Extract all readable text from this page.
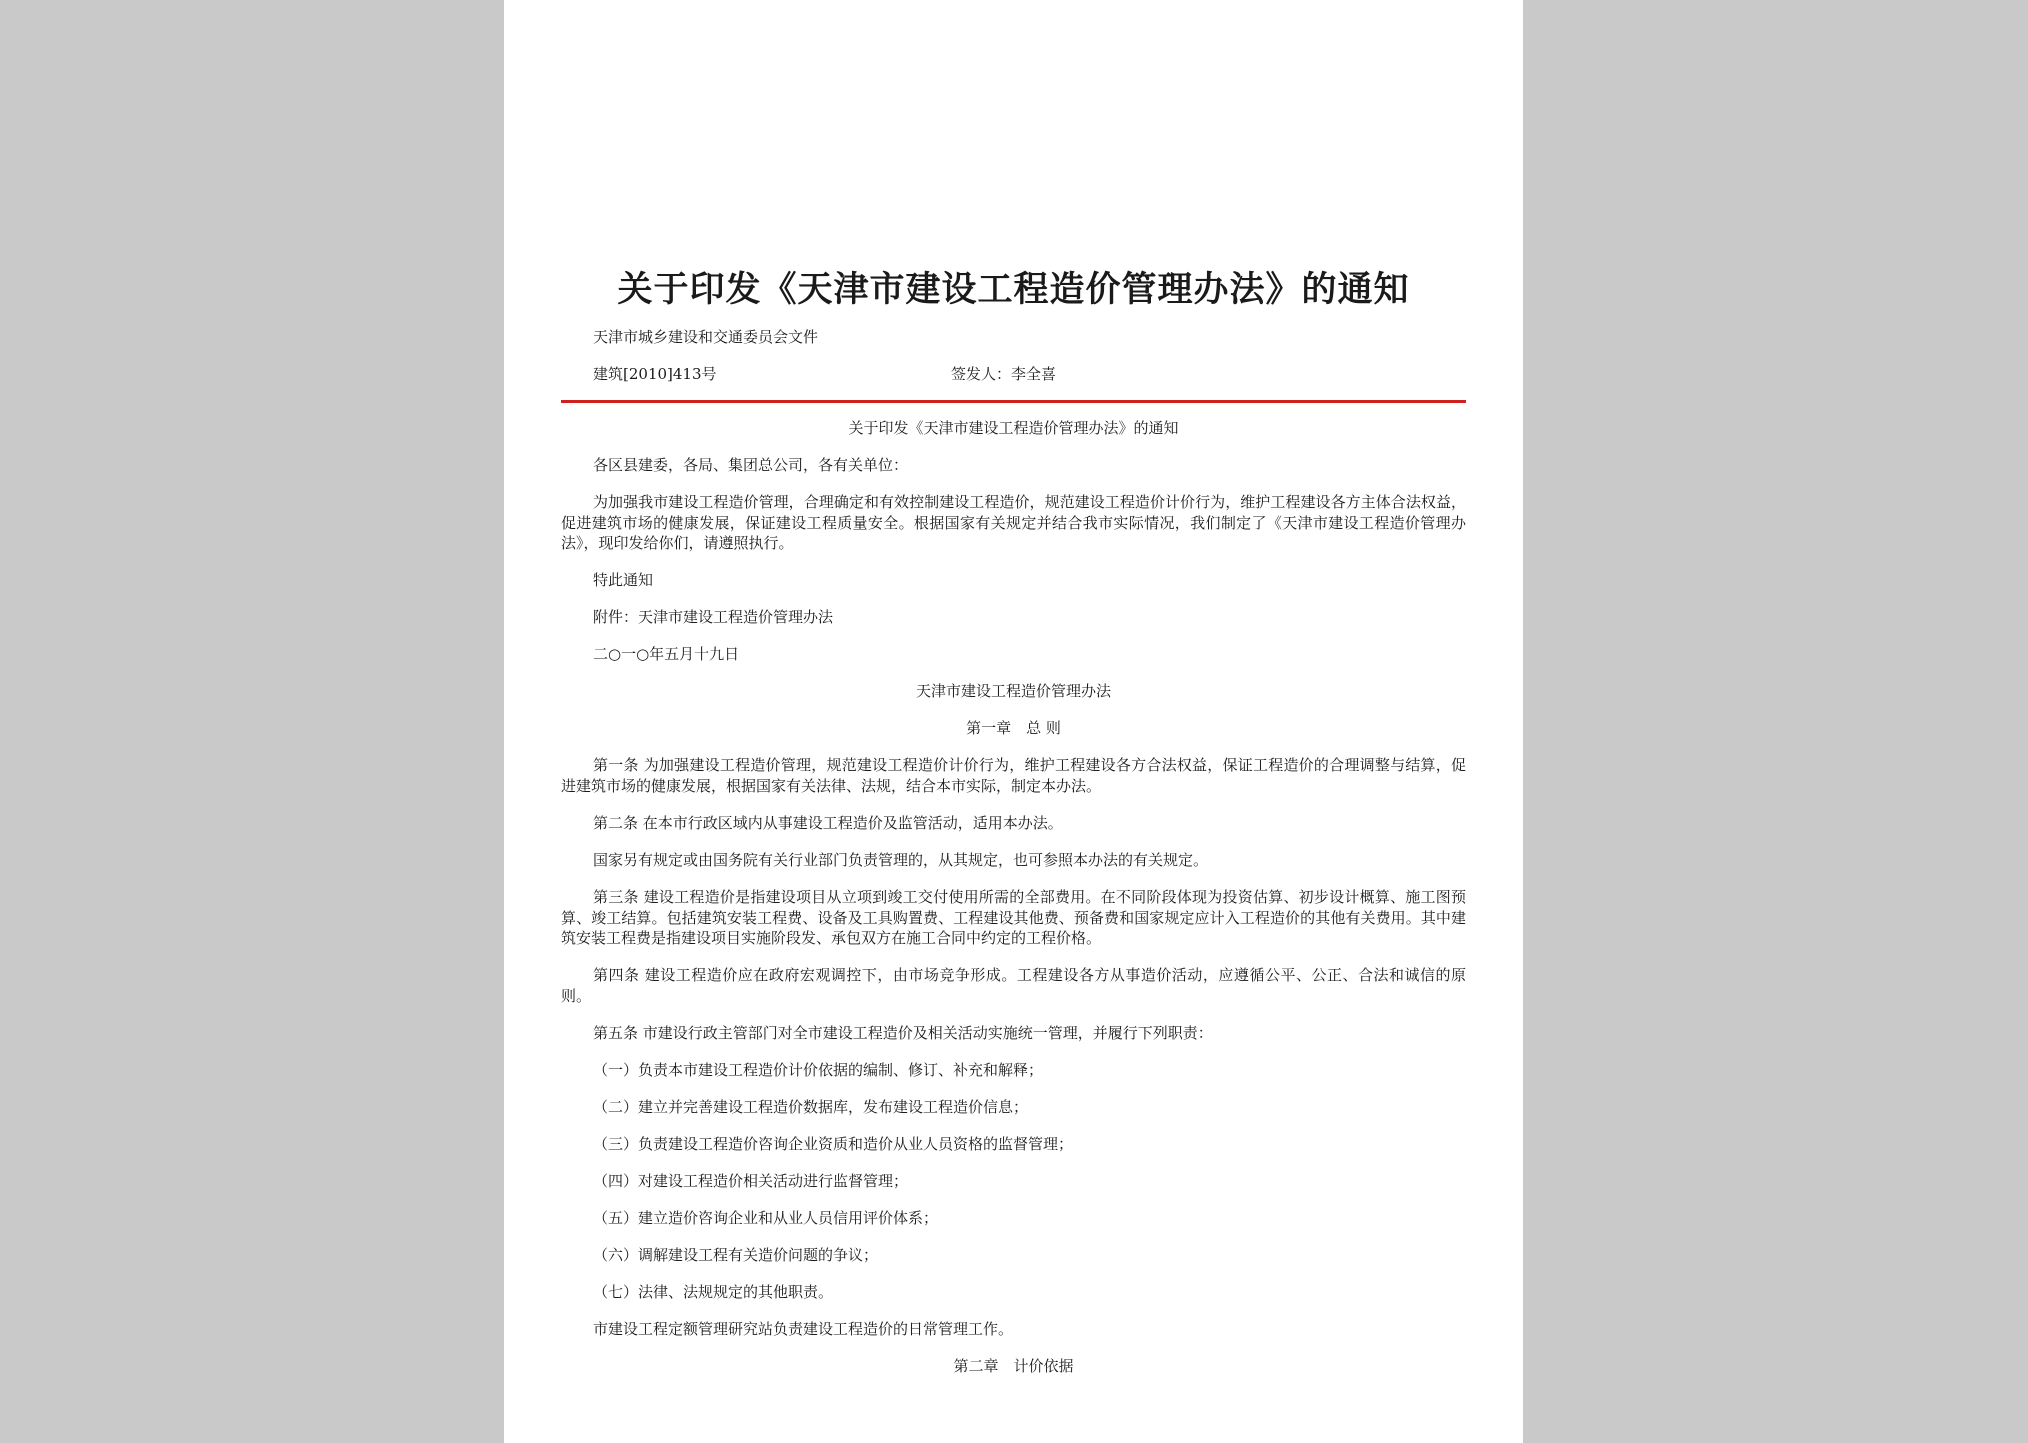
关于印发《天津市建设工程造价管理办法》的通知
天津市城乡建设和交通委员会文件
建筑[2010]413号	签发人：李全喜
关于印发《天津市建设工程造价管理办法》的通知
各区县建委，各局、集团总公司，各有关单位：
为加强我市建设工程造价管理，合理确定和有效控制建设工程造价，规范建设工程造价计价行为，维护工程建设各方主体合法权益，促进建筑市场的健康发展，保证建设工程质量安全。根据国家有关规定并结合我市实际情况，我们制定了《天津市建设工程造价管理办法》，现印发给你们，请遵照执行。
特此通知
附件：天津市建设工程造价管理办法
二○一○年五月十九日
天津市建设工程造价管理办法
第一章　总 则
第一条 为加强建设工程造价管理，规范建设工程造价计价行为，维护工程建设各方合法权益，保证工程造价的合理调整与结算，促进建筑市场的健康发展，根据国家有关法律、法规，结合本市实际，制定本办法。
第二条 在本市行政区域内从事建设工程造价及监管活动，适用本办法。
国家另有规定或由国务院有关行业部门负责管理的，从其规定，也可参照本办法的有关规定。
第三条 建设工程造价是指建设项目从立项到竣工交付使用所需的全部费用。在不同阶段体现为投资估算、初步设计概算、施工图预算、竣工结算。包括建筑安装工程费、设备及工具购置费、工程建设其他费、预备费和国家规定应计入工程造价的其他有关费用。其中建筑安装工程费是指建设项目实施阶段发、承包双方在施工合同中约定的工程价格。
第四条 建设工程造价应在政府宏观调控下，由市场竞争形成。工程建设各方从事造价活动，应遵循公平、公正、合法和诚信的原则。
第五条 市建设行政主管部门对全市建设工程造价及相关活动实施统一管理，并履行下列职责：
（一）负责本市建设工程造价计价依据的编制、修订、补充和解释；
（二）建立并完善建设工程造价数据库，发布建设工程造价信息；
（三）负责建设工程造价咨询企业资质和造价从业人员资格的监督管理；
（四）对建设工程造价相关活动进行监督管理；
（五）建立造价咨询企业和从业人员信用评价体系；
（六）调解建设工程有关造价问题的争议；
（七）法律、法规规定的其他职责。
市建设工程定额管理研究站负责建设工程造价的日常管理工作。
第二章　计价依据
